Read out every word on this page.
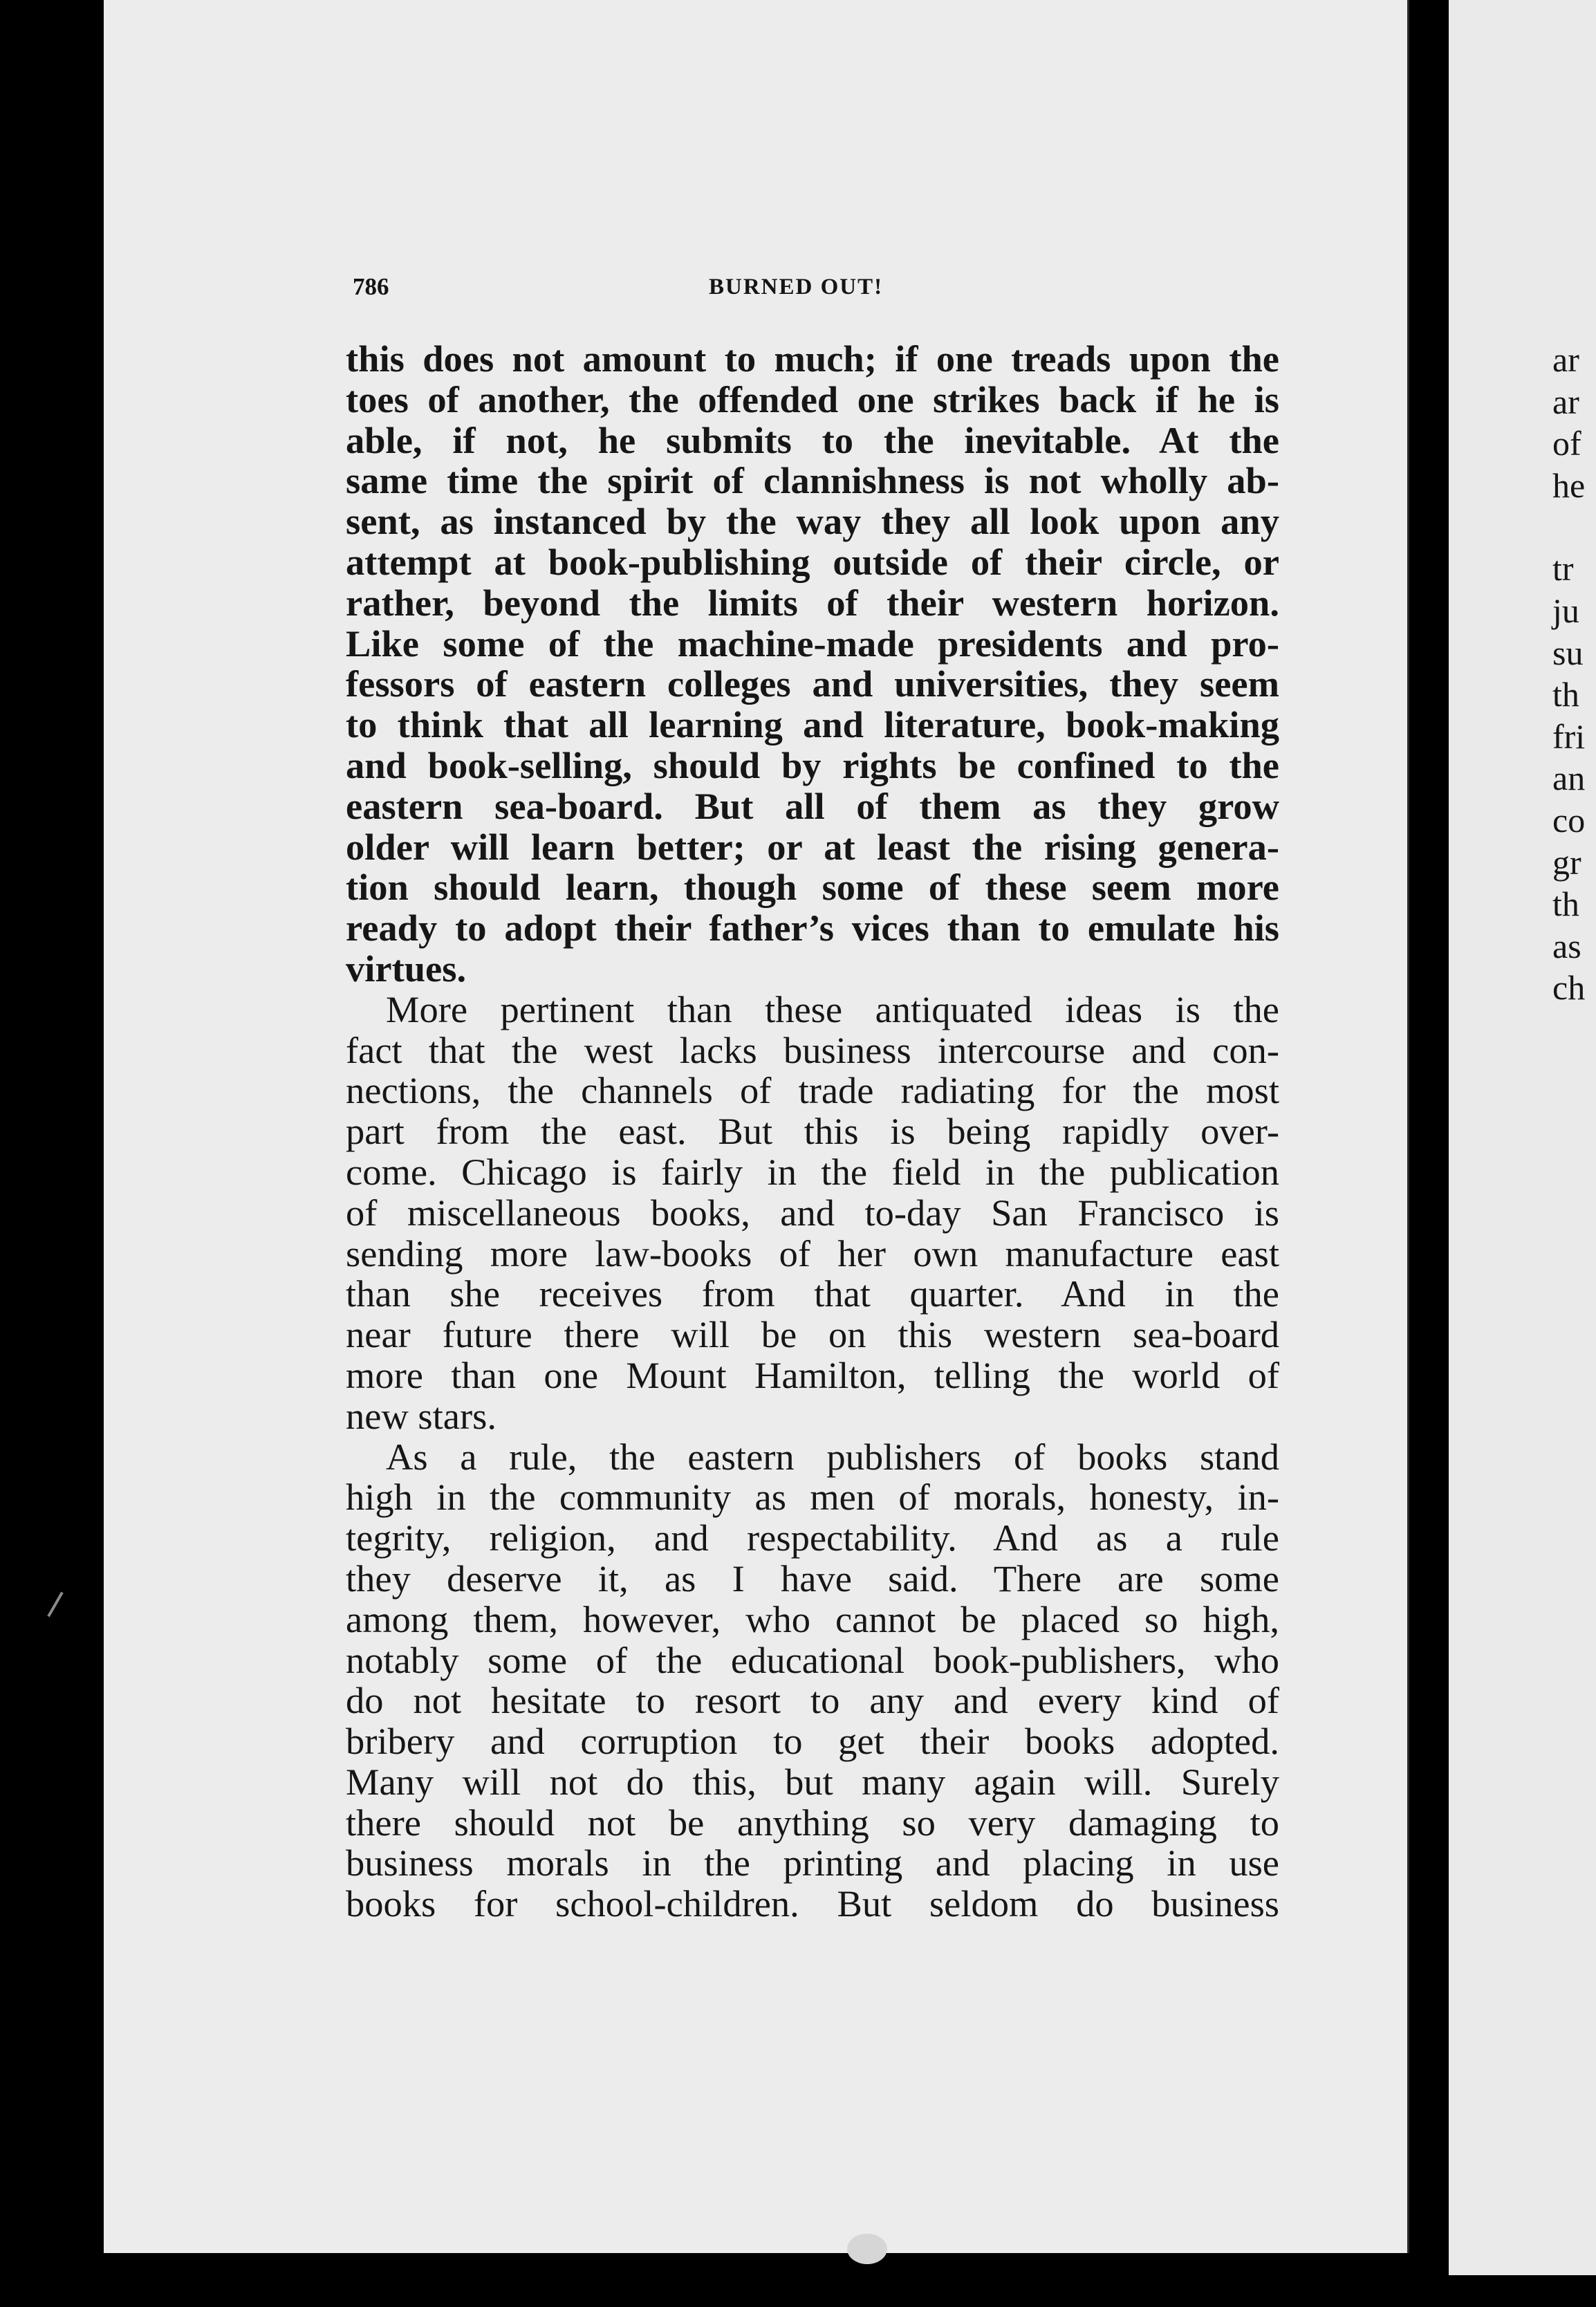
786	BURNED OUT!
this does not amount to much; if one treads upon the
toes of another, the offended one strikes back if he is
able, if not, he submits to the inevitable. At the
same time the spirit of clannishness is not wholly ab-
sent, as instanced by the way they all look upon any
attempt at book-publishing outside of their circle, or
rather, beyond the limits of their western horizon.
Like some of the machine-made presidents and pro-
fessors of eastern colleges and universities, they seem
to think that all learning and literature, book-making
and book-selling, should by rights be confined to the
eastern sea-board. But all of them as they grow
older will learn better; or at least the rising genera-
tion should learn, though some of these seem more
ready to adopt their father’s vices than to emulate his
virtues.
More pertinent than these antiquated ideas is the
fact that the west lacks business intercourse and con-
nections, the channels of trade radiating for the most
part from the east. But this is being rapidly over-
come. Chicago is fairly in the field in the publication
of miscellaneous books, and to-day San Francisco is
sending more law-books of her own manufacture east
than she receives from that quarter. And in the
near future there will be on this western sea-board
more than one Mount Hamilton, telling the world of
new stars.
As a rule, the eastern publishers of books stand
high in the community as men of morals, honesty, in-
tegrity, religion, and respectability. And as a rule
they deserve it, as I have said. There are some
among them, however, who cannot be placed so high,
notably some of the educational book-publishers, who
do not hesitate to resort to any and every kind of
bribery and corruption to get their books adopted.
Many will not do this, but many again will. Surely
there should not be anything so very damaging to
business morals in the printing and placing in use
books for school-children. But seldom do business
ar
ar
of
he
tr
ju
su
th
fri
an
co
gr
th
as
ch
